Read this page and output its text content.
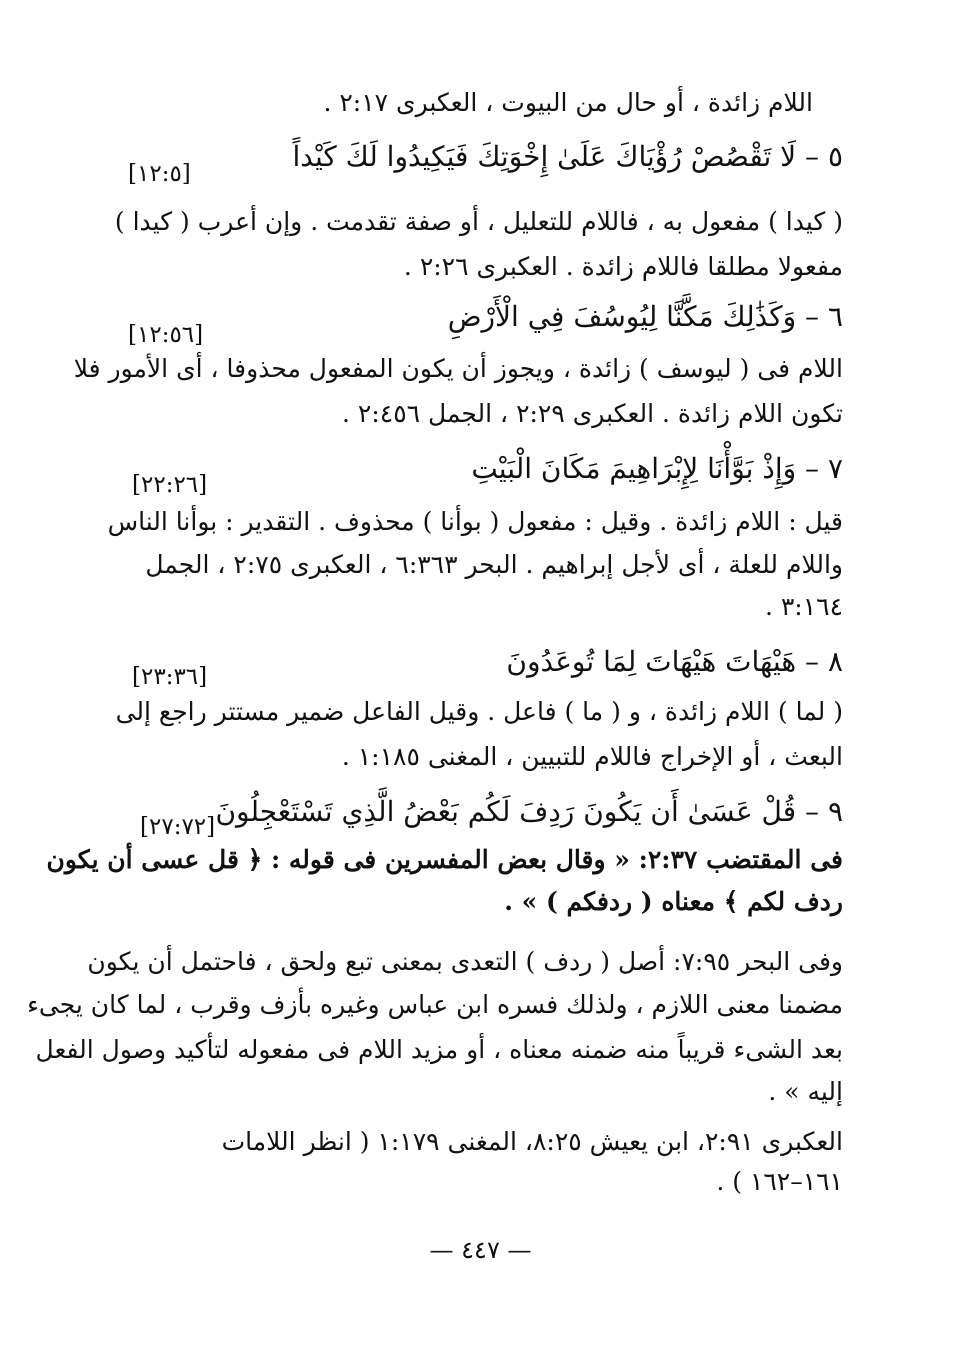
اللام زائدة ، أو حال من البيوت ، العكبرى ٢:١٧ .
٥ – لَا تَقْصُصْ رُؤْيَاكَ عَلَىٰ إِخْوَتِكَ فَيَكِيدُوا لَكَ كَيْداً
[١٢:٥]
( كيدا ) مفعول به ، فاللام للتعليل ، أو صفة تقدمت . وإن أعرب ( كيدا )
مفعولا مطلقا فاللام زائدة . العكبرى ٢:٢٦ .
٦ – وَكَذَٰلِكَ مَكَّنَّا لِيُوسُفَ فِي الْأَرْضِ
[١٢:٥٦]
اللام فى ( ليوسف ) زائدة ، ويجوز أن يكون المفعول محذوفا ، أى الأمور فلا
تكون اللام زائدة . العكبرى ٢:٢٩ ، الجمل ٢:٤٥٦ .
٧ – وَإِذْ بَوَّأْنَا لِإِبْرَاهِيمَ مَكَانَ الْبَيْتِ
[٢٢:٢٦]
قيل : اللام زائدة . وقيل : مفعول ( بوأنا ) محذوف . التقدير : بوأنا الناس
واللام للعلة ، أى لأجل إبراهيم . البحر ٦:٣٦٣ ، العكبرى ٢:٧٥ ، الجمل
٣:١٦٤ .
٨ – هَيْهَاتَ هَيْهَاتَ لِمَا تُوعَدُونَ
[٢٣:٣٦]
( لما ) اللام زائدة ، و ( ما ) فاعل . وقيل الفاعل ضمير مستتر راجع إلى
البعث ، أو الإخراج فاللام للتبيين ، المغنى ١:١٨٥ .
٩ – قُلْ عَسَىٰ أَن يَكُونَ رَدِفَ لَكُم بَعْضُ الَّذِي تَسْتَعْجِلُونَ
[٢٧:٧٢]
فى المقتضب ٢:٣٧: « وقال بعض المفسرين فى قوله : ﴿ قل عسى أن يكون
ردف لكم ﴾ معناه ( ردفكم ) » .
وفى البحر ٧:٩٥: أصل ( ردف ) التعدى بمعنى تبع ولحق ، فاحتمل أن يكون
مضمنا معنى اللازم ، ولذلك فسره ابن عباس وغيره بأزف وقرب ، لما كان يجىء
بعد الشىء قريباً منه ضمنه معناه ، أو مزيد اللام فى مفعوله لتأكيد وصول الفعل
إليه » .
العكبرى ٢:٩١، ابن يعيش ٨:٢٥، المغنى ١:١٧٩ ( انظر اللامات
١٦١–١٦٢ ) .
— ٤٤٧ —
